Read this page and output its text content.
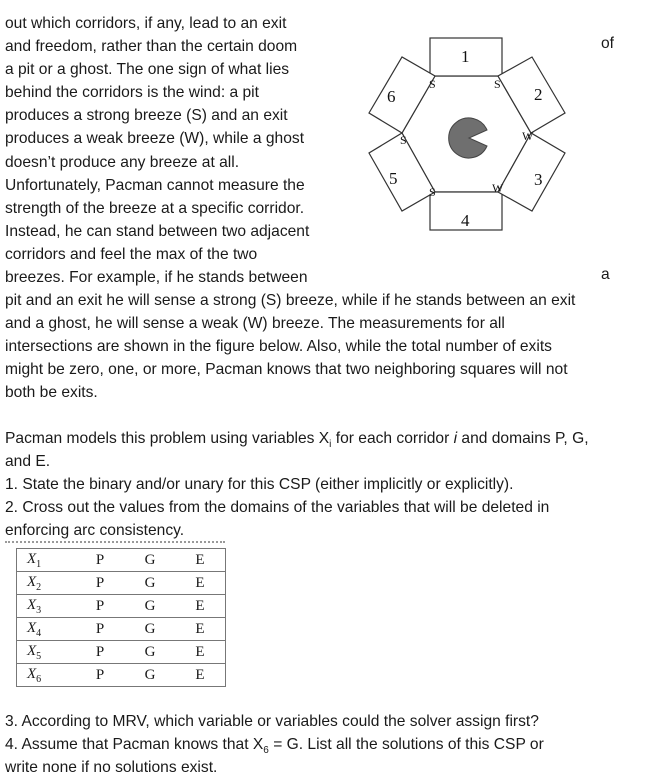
out which corridors, if any, lead to an exit
and freedom, rather than the certain doom
a pit or a ghost. The one sign of what lies
behind the corridors is the wind: a pit
produces a strong breeze (S) and an exit
produces a weak breeze (W), while a ghost
doesn’t produce any breeze at all.
Unfortunately, Pacman cannot measure the
strength of the breeze at a specific corridor.
Instead, he can stand between two adjacent
corridors and feel the max of the two
breezes. For example, if he stands between
of
a
1
2
3
4
5
6
S	S
W
W
S
S
pit and an exit he will sense a strong (S) breeze, while if he stands between an exit
and a ghost, he will sense a weak (W) breeze. The measurements for all
intersections are shown in the figure below. Also, while the total number of exits
might be zero, one, or more, Pacman knows that two neighboring squares will not
both be exits.
Pacman models this problem using variables $X_i$ for each corridor i and domains P, G,
and E.
1. State the binary and/or unary for this CSP (either implicitly or explicitly).
2. Cross out the values from the domains of the variables that will be deleted in
enforcing arc consistency.
$X_1$	P	G	E
$X_2$	P	G	E
$X_3$	P	G	E
$X_4$	P	G	E
$X_5$	P	G	E
$X_6$	P	G	E
3. According to MRV, which variable or variables could the solver assign first?
4. Assume that Pacman knows that $X_6 = G$. List all the solutions of this CSP or
write none if no solutions exist.
